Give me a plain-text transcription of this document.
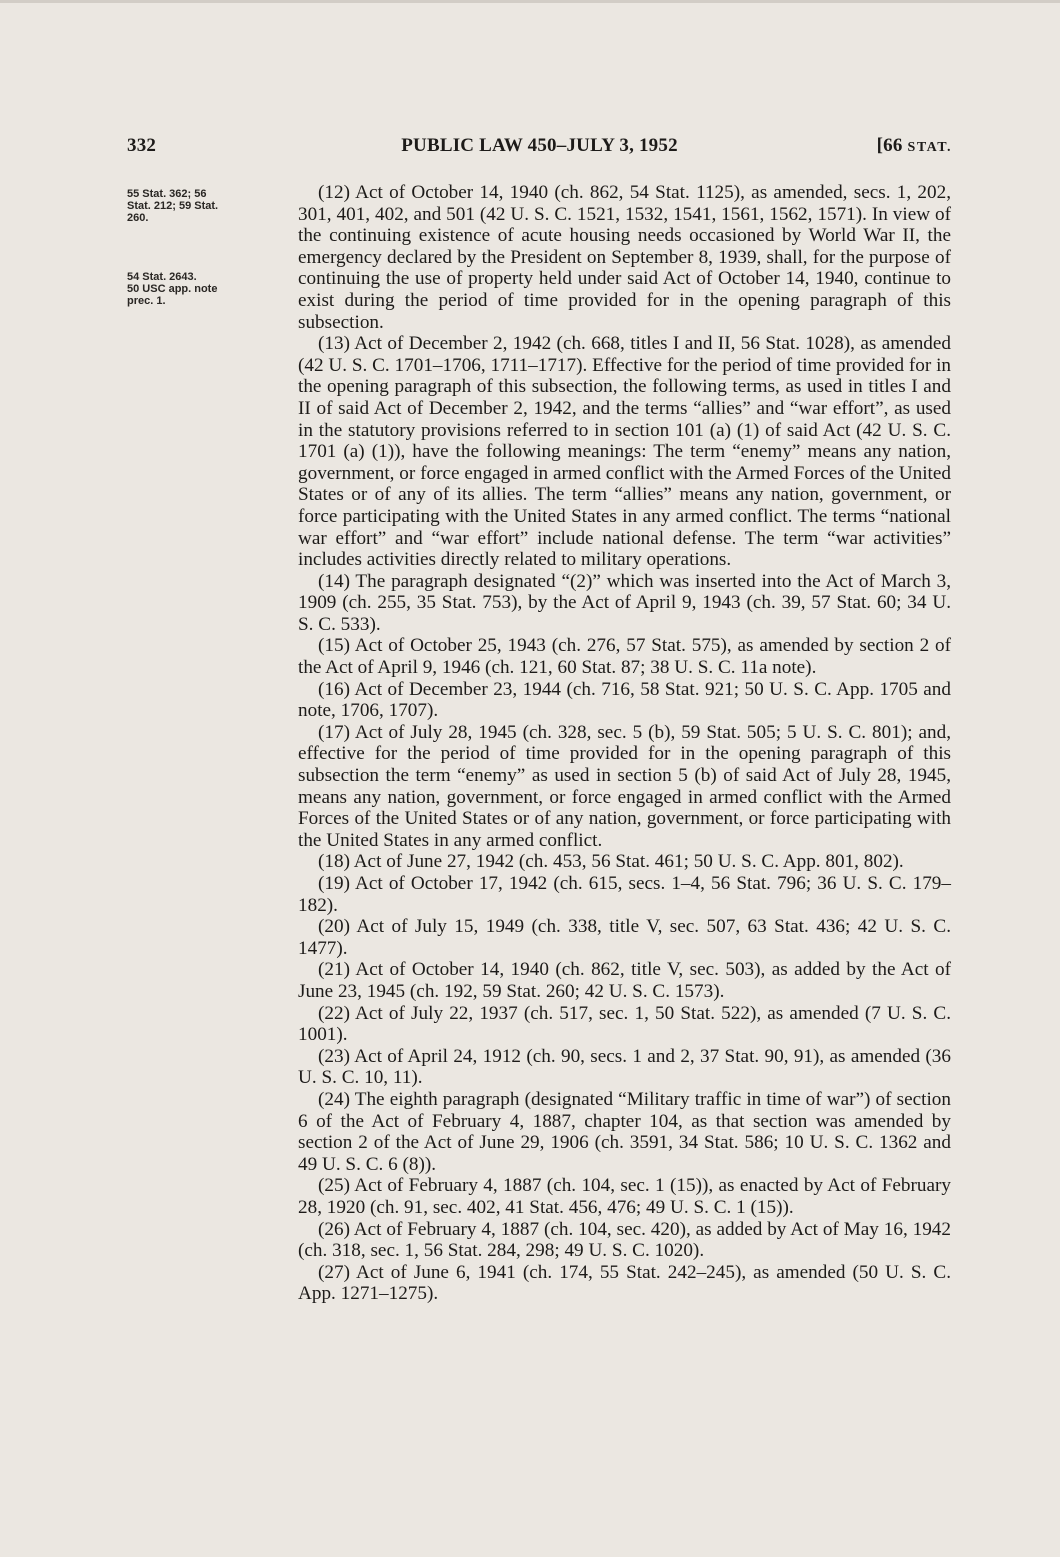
332	PUBLIC LAW 450–JULY 3, 1952	[66 STAT.
55 Stat. 362; 56
Stat. 212; 59 Stat.
260.
54 Stat. 2643.
50 USC app. note
prec. 1.

(12) Act of October 14, 1940 (ch. 862, 54 Stat. 1125), as amended, secs. 1, 202, 301, 401, 402, and 501 (42 U. S. C. 1521, 1532, 1541, 1561, 1562, 1571). In view of the continuing existence of acute housing needs occasioned by World War II, the emergency declared by the President on September 8, 1939, shall, for the purpose of continuing the use of property held under said Act of October 14, 1940, continue to exist during the period of time provided for in the opening paragraph of this subsection.

(13) Act of December 2, 1942 (ch. 668, titles I and II, 56 Stat. 1028), as amended (42 U. S. C. 1701–1706, 1711–1717). Effective for the period of time provided for in the opening paragraph of this subsection, the following terms, as used in titles I and II of said Act of December 2, 1942, and the terms “allies” and “war effort”, as used in the statutory provisions referred to in section 101 (a) (1) of said Act (42 U. S. C. 1701 (a) (1)), have the following meanings: The term “enemy” means any nation, government, or force engaged in armed conflict with the Armed Forces of the United States or of any of its allies. The term “allies” means any nation, government, or force participating with the United States in any armed conflict. The terms “national war effort” and “war effort” include national defense. The term “war activities” includes activities directly related to military operations.

(14) The paragraph designated “(2)” which was inserted into the Act of March 3, 1909 (ch. 255, 35 Stat. 753), by the Act of April 9, 1943 (ch. 39, 57 Stat. 60; 34 U. S. C. 533).

(15) Act of October 25, 1943 (ch. 276, 57 Stat. 575), as amended by section 2 of the Act of April 9, 1946 (ch. 121, 60 Stat. 87; 38 U. S. C. 11a note).

(16) Act of December 23, 1944 (ch. 716, 58 Stat. 921; 50 U. S. C. App. 1705 and note, 1706, 1707).

(17) Act of July 28, 1945 (ch. 328, sec. 5 (b), 59 Stat. 505; 5 U. S. C. 801); and, effective for the period of time provided for in the opening paragraph of this subsection the term “enemy” as used in section 5 (b) of said Act of July 28, 1945, means any nation, government, or force engaged in armed conflict with the Armed Forces of the United States or of any nation, government, or force participating with the United States in any armed conflict.

(18) Act of June 27, 1942 (ch. 453, 56 Stat. 461; 50 U. S. C. App. 801, 802).

(19) Act of October 17, 1942 (ch. 615, secs. 1–4, 56 Stat. 796; 36 U. S. C. 179–182).

(20) Act of July 15, 1949 (ch. 338, title V, sec. 507, 63 Stat. 436; 42 U. S. C. 1477).

(21) Act of October 14, 1940 (ch. 862, title V, sec. 503), as added by the Act of June 23, 1945 (ch. 192, 59 Stat. 260; 42 U. S. C. 1573).

(22) Act of July 22, 1937 (ch. 517, sec. 1, 50 Stat. 522), as amended (7 U. S. C. 1001).

(23) Act of April 24, 1912 (ch. 90, secs. 1 and 2, 37 Stat. 90, 91), as amended (36 U. S. C. 10, 11).

(24) The eighth paragraph (designated “Military traffic in time of war”) of section 6 of the Act of February 4, 1887, chapter 104, as that section was amended by section 2 of the Act of June 29, 1906 (ch. 3591, 34 Stat. 586; 10 U. S. C. 1362 and 49 U. S. C. 6 (8)).

(25) Act of February 4, 1887 (ch. 104, sec. 1 (15)), as enacted by Act of February 28, 1920 (ch. 91, sec. 402, 41 Stat. 456, 476; 49 U. S. C. 1 (15)).

(26) Act of February 4, 1887 (ch. 104, sec. 420), as added by Act of May 16, 1942 (ch. 318, sec. 1, 56 Stat. 284, 298; 49 U. S. C. 1020).

(27) Act of June 6, 1941 (ch. 174, 55 Stat. 242–245), as amended (50 U. S. C. App. 1271–1275).
